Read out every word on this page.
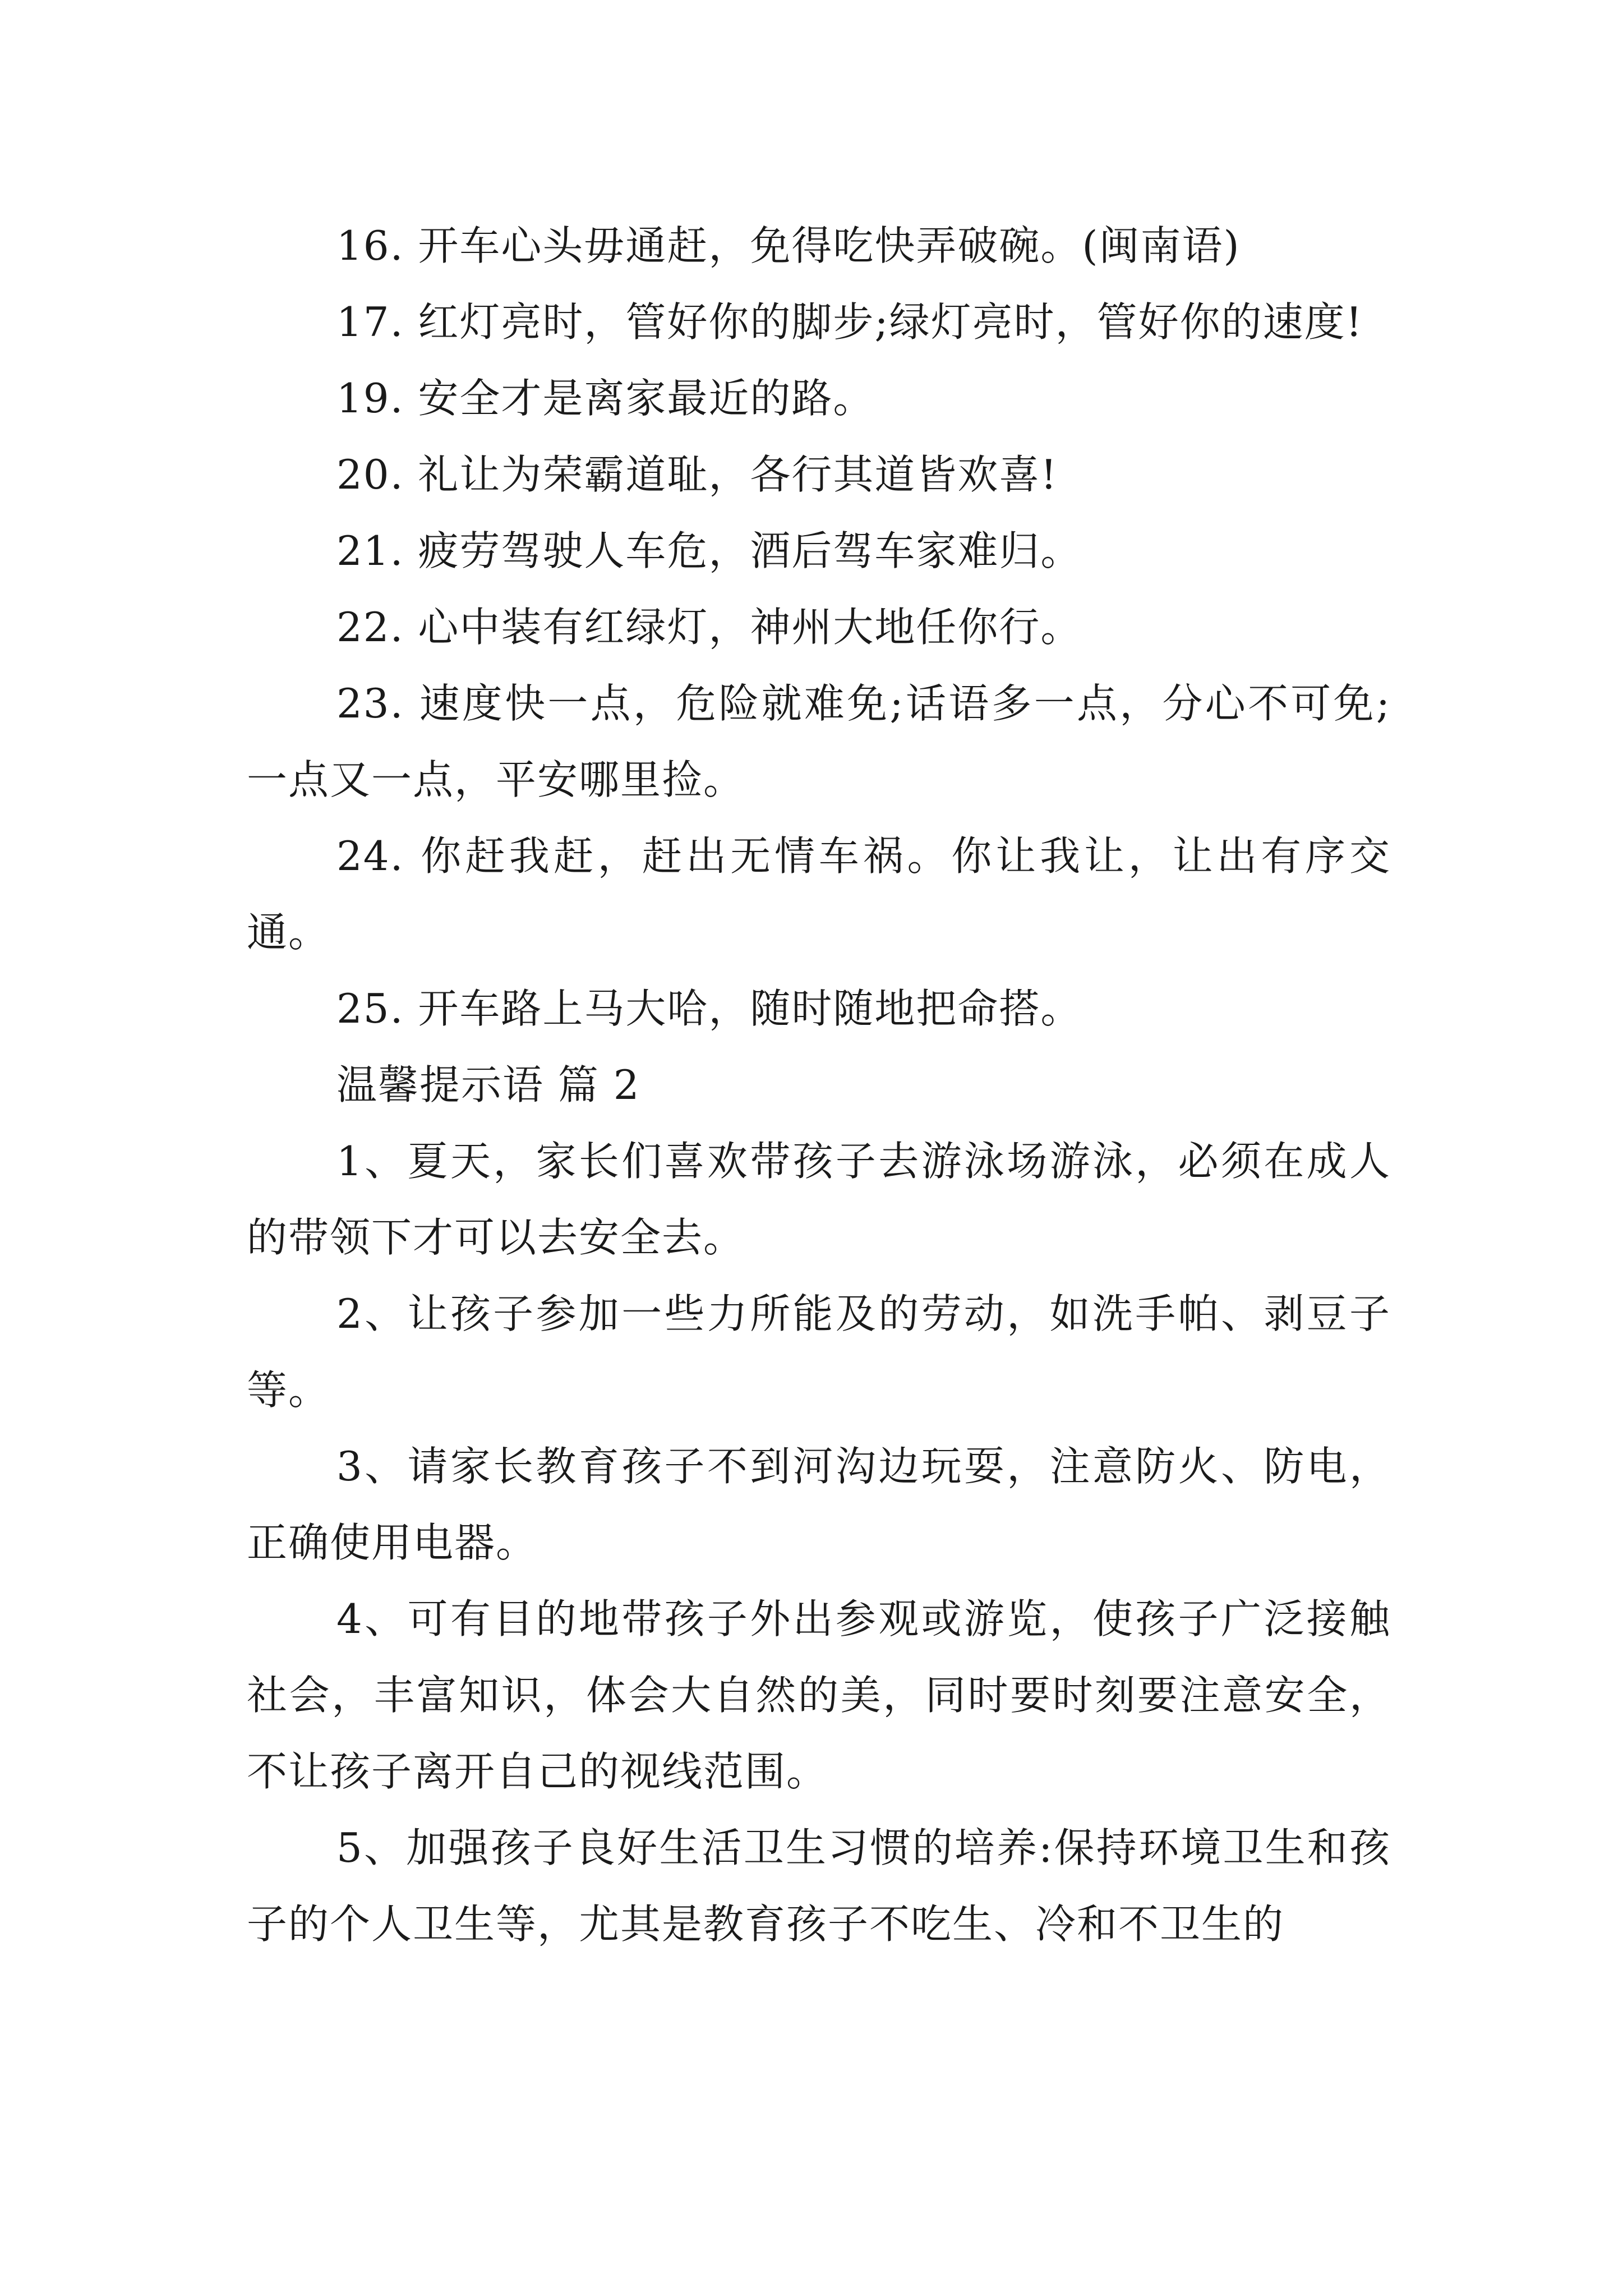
16. 开车心头毋通赶，免得吃快弄破碗。(闽南语)

17. 红灯亮时，管好你的脚步;绿灯亮时，管好你的速度!

19. 安全才是离家最近的路。

20. 礼让为荣霸道耻，各行其道皆欢喜!

21. 疲劳驾驶人车危，酒后驾车家难归。

22. 心中装有红绿灯，神州大地任你行。

23. 速度快一点，危险就难免;话语多一点，分心不可免;一点又一点，平安哪里捡。

24. 你赶我赶，赶出无情车祸。你让我让，让出有序交通。

25. 开车路上马大哈，随时随地把命搭。

温馨提示语 篇 2

1、夏天，家长们喜欢带孩子去游泳场游泳，必须在成人的带领下才可以去安全去。

2、让孩子参加一些力所能及的劳动，如洗手帕、剥豆子等。

3、请家长教育孩子不到河沟边玩耍，注意防火、防电，正确使用电器。

4、可有目的地带孩子外出参观或游览，使孩子广泛接触社会，丰富知识，体会大自然的美，同时要时刻要注意安全，不让孩子离开自己的视线范围。

5、加强孩子良好生活卫生习惯的培养:保持环境卫生和孩子的个人卫生等，尤其是教育孩子不吃生、冷和不卫生的
